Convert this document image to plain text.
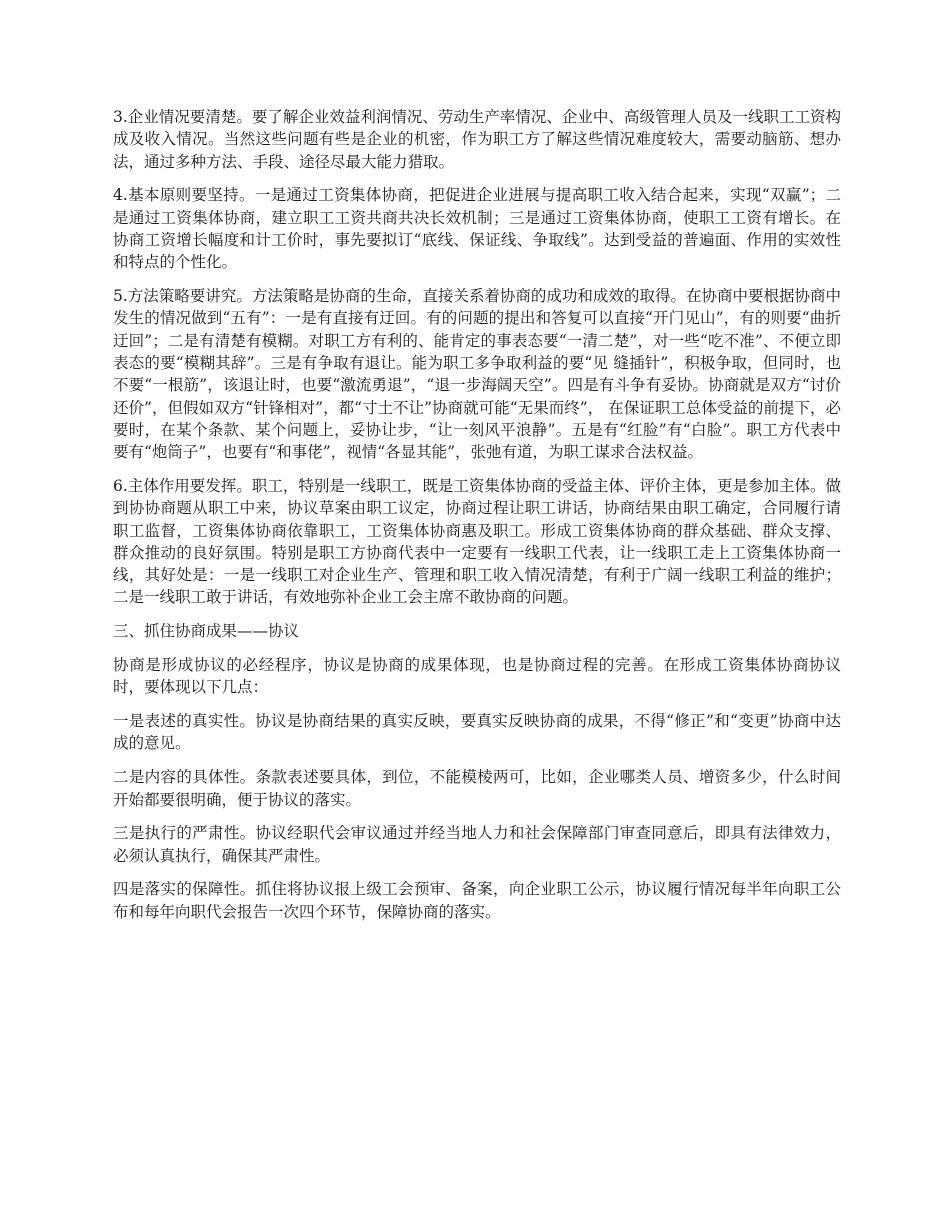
3.企业情况要清楚。要了解企业效益利润情况、劳动生产率情况、企业中、高级管理人员及一线职工工资构成及收入情况。当然这些问题有些是企业的机密，作为职工方了解这些情况难度较大，需要动脑筋、想办法，通过多种方法、手段、途径尽最大能力猎取。

4.基本原则要坚持。一是通过工资集体协商，把促进企业进展与提高职工收入结合起来，实现“双赢”；二是通过工资集体协商，建立职工工资共商共决长效机制；三是通过工资集体协商，使职工工资有增长。在协商工资增长幅度和计工价时，事先要拟订“底线、保证线、争取线”。达到受益的普遍面、作用的实效性和特点的个性化。

5.方法策略要讲究。方法策略是协商的生命，直接关系着协商的成功和成效的取得。在协商中要根据协商中发生的情况做到“五有”：一是有直接有迂回。有的问题的提出和答复可以直接“开门见山”，有的则要“曲折迂回”；二是有清楚有模糊。对职工方有利的、能肯定的事表态要“一清二楚”，对一些“吃不准”、不便立即表态的要“模糊其辞”。三是有争取有退让。能为职工多争取利益的要“见 缝插针”，积极争取，但同时，也不要“一根筋”，该退让时，也要“激流勇退”，“退一步海阔天空”。四是有斗争有妥协。协商就是双方“讨价还价”，但假如双方“针锋相对”，都“寸土不让”协商就可能“无果而终”， 在保证职工总体受益的前提下，必要时，在某个条款、某个问题上，妥协让步，“让一刻风平浪静”。五是有“红脸”有“白脸”。职工方代表中要有“炮筒子”，也要有“和事佬”，视情“各显其能”，张弛有道，为职工谋求合法权益。

6.主体作用要发挥。职工，特别是一线职工，既是工资集体协商的受益主体、评价主体，更是参加主体。做到协协商题从职工中来，协议草案由职工议定，协商过程让职工讲话，协商结果由职工确定，合同履行请职工监督，工资集体协商依靠职工，工资集体协商惠及职工。形成工资集体协商的群众基础、群众支撑、群众推动的良好氛围。特别是职工方协商代表中一定要有一线职工代表，让一线职工走上工资集体协商一线，其好处是：一是一线职工对企业生产、管理和职工收入情况清楚，有利于广阔一线职工利益的维护；二是一线职工敢于讲话，有效地弥补企业工会主席不敢协商的问题。

三、抓住协商成果——协议

协商是形成协议的必经程序，协议是协商的成果体现，也是协商过程的完善。在形成工资集体协商协议时，要体现以下几点：

一是表述的真实性。协议是协商结果的真实反映，要真实反映协商的成果，不得“修正”和“变更”协商中达成的意见。

二是内容的具体性。条款表述要具体，到位，不能模棱两可，比如，企业哪类人员、增资多少，什么时间开始都要很明确，便于协议的落实。

三是执行的严肃性。协议经职代会审议通过并经当地人力和社会保障部门审查同意后，即具有法律效力，必须认真执行，确保其严肃性。

四是落实的保障性。抓住将协议报上级工会预审、备案，向企业职工公示，协议履行情况每半年向职工公布和每年向职代会报告一次四个环节，保障协商的落实。
